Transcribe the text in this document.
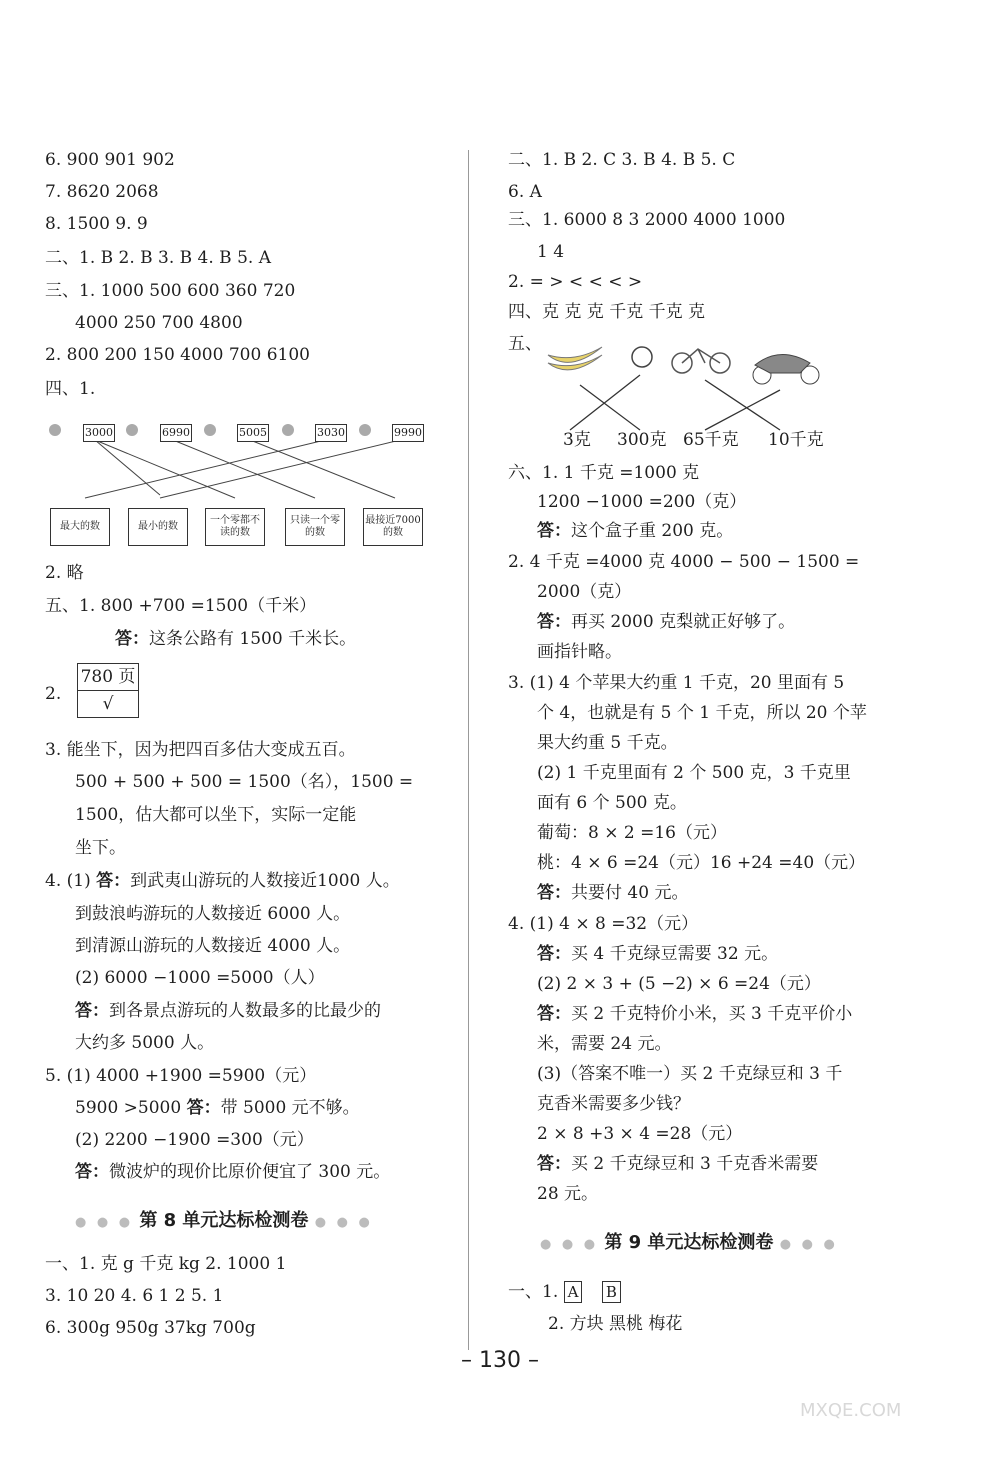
6. 900 901 902
7. 8620 2068
8. 1500 9. 9
二、1. B 2. B 3. B 4. B 5. A
三、1. 1000 500 600 360 720
4000 250 700 4800
2. 800 200 150 4000 700 6100
四、1.
3000	6990	5005	3030	9990
最大的数	最小的数
一个零都不读的数
只读一个零的数
最接近7000的数
2. 略
五、1. 800 +700 =1500（千米）
答：这条公路有 1500 千米长。
2.
780 页
√
3. 能坐下，因为把四百多估大变成五百。
500 + 500 + 500 = 1500（名），1500 =
1500，估大都可以坐下，实际一定能
坐下。
4. (1) 答：到武夷山游玩的人数接近1000 人。
到鼓浪屿游玩的人数接近 6000 人。
到清源山游玩的人数接近 4000 人。
(2) 6000 −1000 =5000（人）
答：到各景点游玩的人数最多的比最少的
大约多 5000 人。
5. (1) 4000 +1900 =5900（元）
5900 >5000 答：带 5000 元不够。
(2) 2200 −1900 =300（元）
答：微波炉的现价比原价便宜了 300 元。
● ● ● 第 8 单元达标检测卷 ● ● ●
一、1. 克 g 千克 kg 2. 1000 1
3. 10 20 4. 6 1 2 5. 1
6. 300g 950g 37kg 700g
二、1. B 2. C 3. B 4. B 5. C
6. A
三、1. 6000 8 3 2000 4000 1000
1 4
2. = > < < < >
四、克 克 克 千克 千克 克
五、
3克 300克 65千克 10千克
六、1. 1 千克 =1000 克
1200 −1000 =200（克）
答：这个盒子重 200 克。
2. 4 千克 =4000 克 4000 − 500 − 1500 =
2000（克）
答：再买 2000 克梨就正好够了。
画指针略。
3. (1) 4 个苹果大约重 1 千克，20 里面有 5
个 4，也就是有 5 个 1 千克，所以 20 个苹
果大约重 5 千克。
(2) 1 千克里面有 2 个 500 克，3 千克里
面有 6 个 500 克。
葡萄：8 × 2 =16（元）
桃：4 × 6 =24（元）16 +24 =40（元）
答：共要付 40 元。
4. (1) 4 × 8 =32（元）
答：买 4 千克绿豆需要 32 元。
(2) 2 × 3 + (5 −2) × 6 =24（元）
答：买 2 千克特价小米，买 3 千克平价小
米，需要 24 元。
(3)（答案不唯一）买 2 千克绿豆和 3 千
克香米需要多少钱？
2 × 8 +3 × 4 =28（元）
答：买 2 千克绿豆和 3 千克香米需要
28 元。
● ● ● 第 9 单元达标检测卷 ● ● ●
一、1. A B
2. 方块 黑桃 梅花
– 130 –
MXQE.COM
